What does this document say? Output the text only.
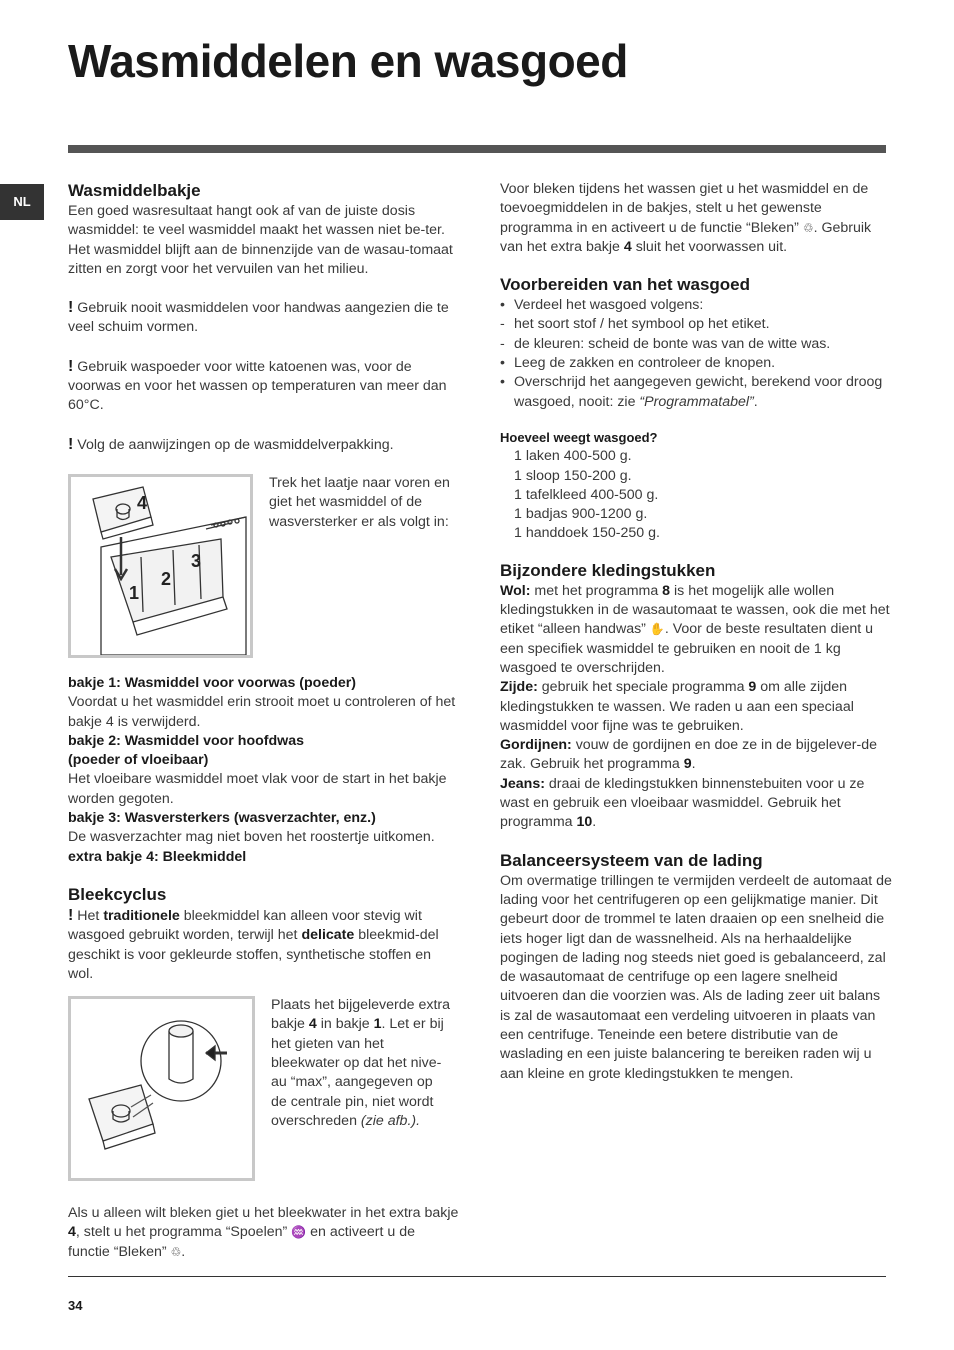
Wasmiddelen en wasgoed
NL
Wasmiddelbakje

Een goed wasresultaat hangt ook af van de juiste dosis wasmiddel: te veel wasmiddel maakt het wassen niet be-ter. Het wasmiddel blijft aan de binnenzijde van de wasau-tomaat zitten en zorgt voor het vervuilen van het milieu.

! Gebruik nooit wasmiddelen voor handwas aangezien die te veel schuim vormen.

! Gebruik waspoeder voor witte katoenen was, voor de voorwas en voor het wassen op temperaturen van meer dan 60°C.

! Volg de aanwijzingen op de wasmiddelverpakking.

4
1
2
3

Trek het laatje naar voren en giet het wasmiddel of de wasversterker er als volgt in:

bakje 1: Wasmiddel voor voorwas (poeder)

Voordat u het wasmiddel erin strooit moet u controleren of het bakje 4 is verwijderd.

bakje 2: Wasmiddel voor hoofdwas
(poeder of vloeibaar)

Het vloeibare wasmiddel moet vlak voor de start in het bakje worden gegoten.

bakje 3: Wasversterkers (wasverzachter, enz.)

De wasverzachter mag niet boven het roostertje uitkomen.

extra bakje 4: Bleekmiddel

Bleekcyclus

! Het traditionele bleekmiddel kan alleen voor stevig wit wasgoed gebruikt worden, terwijl het delicate bleekmid-del geschikt is voor gekleurde stoffen, synthetische stoffen en wol.

Plaats het bijgeleverde extra bakje 4 in bakje 1. Let er bij het gieten van het bleekwater op dat het nive-au “max”, aangegeven op de centrale pin, niet wordt overschreden (zie afb.).

Als u alleen wilt bleken giet u het bleekwater in het extra bakje 4, stelt u het programma “Spoelen” ♒ en activeert u de functie “Bleken” ♲.

Voor bleken tijdens het wassen giet u het wasmiddel en de toevoegmiddelen in de bakjes, stelt u het gewenste programma in en activeert u de functie “Bleken” ♲. Gebruik van het extra bakje 4 sluit het voorwassen uit.

Voorbereiden van het wasgoed
• Verdeel het wasgoed volgens:
- het soort stof / het symbool op het etiket.
- de kleuren: scheid de bonte was van de witte was.
• Leeg de zakken en controleer de knopen.
• Overschrijd het aangegeven gewicht, berekend voor droog wasgoed, nooit: zie “Programmatabel”.

Hoeveel weegt wasgoed?

1 laken 400-500 g.

1 sloop 150-200 g.

1 tafelkleed 400-500 g.

1 badjas 900-1200 g.

1 handdoek 150-250 g.

Bijzondere kledingstukken

Wol: met het programma 8 is het mogelijk alle wollen kledingstukken in de wasautomaat te wassen, ook die met het etiket “alleen handwas” ✋. Voor de beste resultaten dient u een specifiek wasmiddel te gebruiken en nooit de 1 kg wasgoed te overschrijden.

Zijde: gebruik het speciale programma 9 om alle zijden kledingstukken te wassen. We raden u aan een speciaal wasmiddel voor fijne was te gebruiken.

Gordijnen: vouw de gordijnen en doe ze in de bijgelever-de zak. Gebruik het programma 9.

Jeans: draai de kledingstukken binnenstebuiten voor u ze wast en gebruik een vloeibaar wasmiddel. Gebruik het programma 10.

Balanceersysteem van de lading

Om overmatige trillingen te vermijden verdeelt de automaat de lading voor het centrifugeren op een gelijkmatige manier. Dit gebeurt door de trommel te laten draaien op een snelheid die iets hoger ligt dan de wassnelheid. Als na herhaaldelijke pogingen de lading nog steeds niet goed is gebalanceerd, zal de wasautomaat de centrifuge op een lagere snelheid uitvoeren dan die voorzien was. Als de lading zeer uit balans is zal de wasautomaat een verdeling uitvoeren in plaats van een centrifuge. Teneinde een betere distributie van de waslading en een juiste balancering te bereiken raden wij u aan kleine en grote kledingstukken te mengen.

34
